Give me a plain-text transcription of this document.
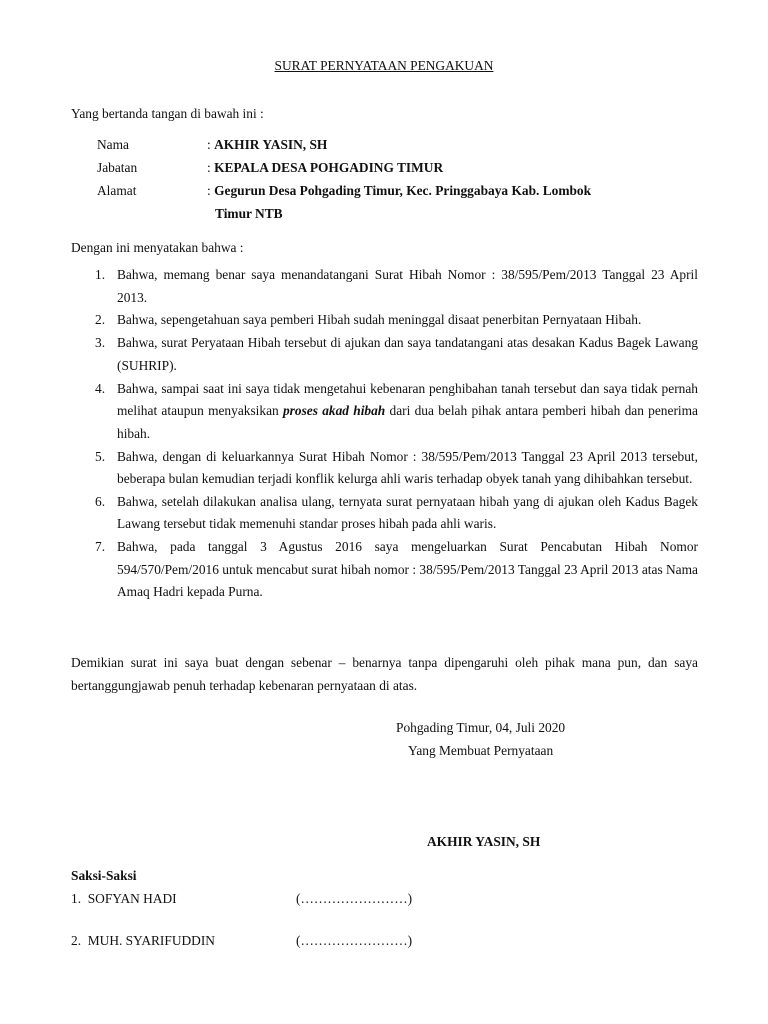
SURAT PERNYATAAN PENGAKUAN
Yang bertanda tangan di bawah ini :
Nama	: AKHIR YASIN, SH
Jabatan	: KEPALA DESA POHGADING TIMUR
Alamat	: Gegurun Desa Pohgading Timur, Kec. Pringgabaya Kab. Lombok
Timur NTB
Dengan ini menyatakan bahwa :
1. Bahwa, memang benar saya menandatangani Surat Hibah Nomor : 38/595/Pem/2013 Tanggal 23 April 2013.
2. Bahwa, sepengetahuan saya pemberi Hibah sudah meninggal disaat penerbitan Pernyataan Hibah.
3. Bahwa, surat Peryataan Hibah tersebut di ajukan dan saya tandatangani atas desakan Kadus Bagek Lawang (SUHRIP).
4. Bahwa, sampai saat ini saya tidak mengetahui kebenaran penghibahan tanah tersebut dan saya tidak pernah melihat ataupun menyaksikan proses akad hibah dari dua belah pihak antara pemberi hibah dan penerima hibah.
5. Bahwa, dengan di keluarkannya Surat Hibah Nomor : 38/595/Pem/2013 Tanggal 23 April 2013 tersebut, beberapa bulan kemudian terjadi konflik kelurga ahli waris terhadap obyek tanah yang dihibahkan tersebut.
6. Bahwa, setelah dilakukan analisa ulang, ternyata surat pernyataan hibah yang di ajukan oleh Kadus Bagek Lawang tersebut tidak memenuhi standar proses hibah pada ahli waris.
7. Bahwa, pada tanggal 3 Agustus 2016 saya mengeluarkan Surat Pencabutan Hibah Nomor 594/570/Pem/2016 untuk mencabut surat hibah nomor : 38/595/Pem/2013 Tanggal 23 April 2013 atas Nama Amaq Hadri kepada Purna.
Demikian surat ini saya buat dengan sebenar – benarnya tanpa dipengaruhi oleh pihak mana pun, dan saya bertanggungjawab penuh terhadap kebenaran pernyataan di atas.
Pohgading Timur, 04, Juli 2020
Yang Membuat Pernyataan
AKHIR YASIN, SH
Saksi-Saksi
1.  SOFYAN HADI	(……………………)
2.  MUH. SYARIFUDDIN	(……………………)
